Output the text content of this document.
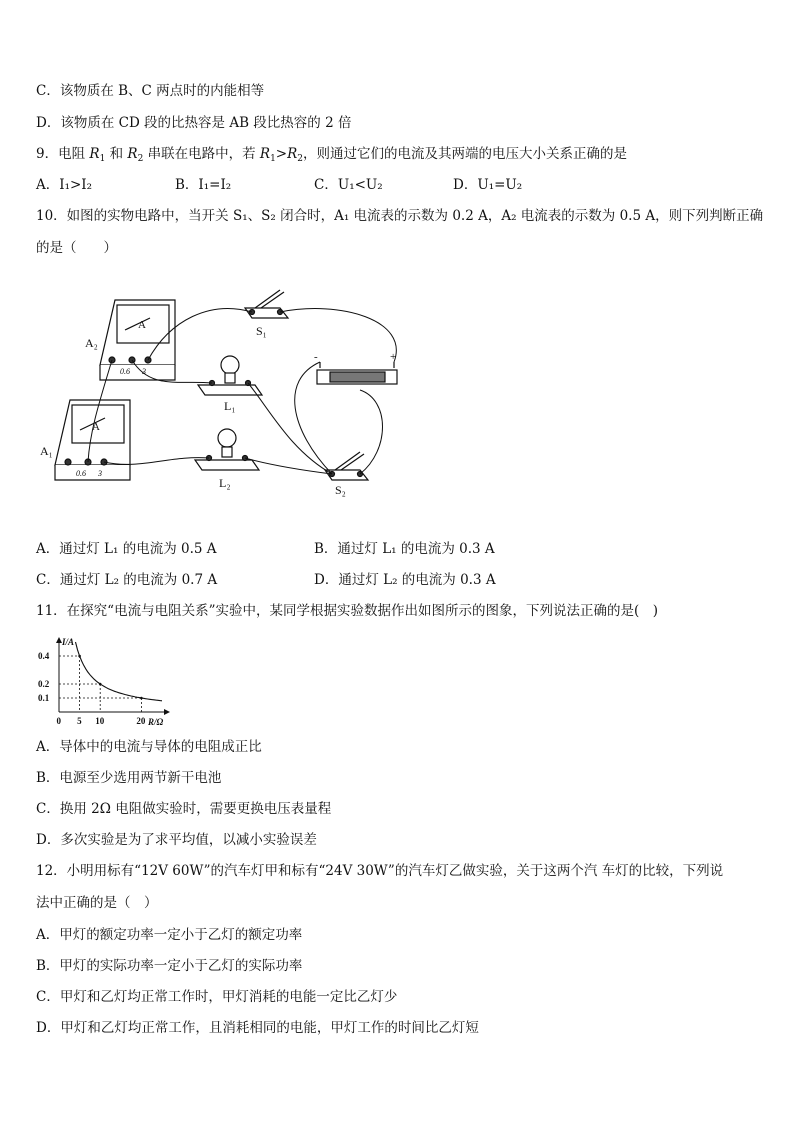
C．该物质在 B、C 两点时的内能相等
D．该物质在 CD 段的比热容是 AB 段比热容的 2 倍
9．电阻 $R_1$ 和 $R_2$ 串联在电路中，若 $R_1>R_2$，则通过它们的电流及其两端的电压大小关系正确的是
A．I₁>I₂	B．I₁=I₂	C．U₁<U₂	D．U₁=U₂
10．如图的实物电路中，当开关 S₁、S₂ 闭合时，A₁ 电流表的示数为 0.2 A，A₂ 电流表的示数为 0.5 A，则下列判断正确
的是（　　）
A₂
A₁
S₁
L₁
L₂	S₂
A
A
-	+
0.6 3
0.6 3
A．通过灯 L₁ 的电流为 0.5 A	B．通过灯 L₁ 的电流为 0.3 A
C．通过灯 L₂ 的电流为 0.7 A	D．通过灯 L₂ 的电流为 0.3 A
11．在探究“电流与电阻关系”实验中，某同学根据实验数据作出如图所示的图象，下列说法正确的是(　)
I/A
R/Ω
0 5 10	20
0.4
0.2
0.1
A．导体中的电流与导体的电阻成正比
B．电源至少选用两节新干电池
C．换用 2Ω 电阻做实验时，需要更换电压表量程
D．多次实验是为了求平均值，以减小实验误差
12．小明用标有“12V 60W”的汽车灯甲和标有“24V 30W”的汽车灯乙做实验，关于这两个汽 车灯的比较，下列说
法中正确的是（　）
A．甲灯的额定功率一定小于乙灯的额定功率
B．甲灯的实际功率一定小于乙灯的实际功率
C．甲灯和乙灯均正常工作时，甲灯消耗的电能一定比乙灯少
D．甲灯和乙灯均正常工作，且消耗相同的电能，甲灯工作的时间比乙灯短
